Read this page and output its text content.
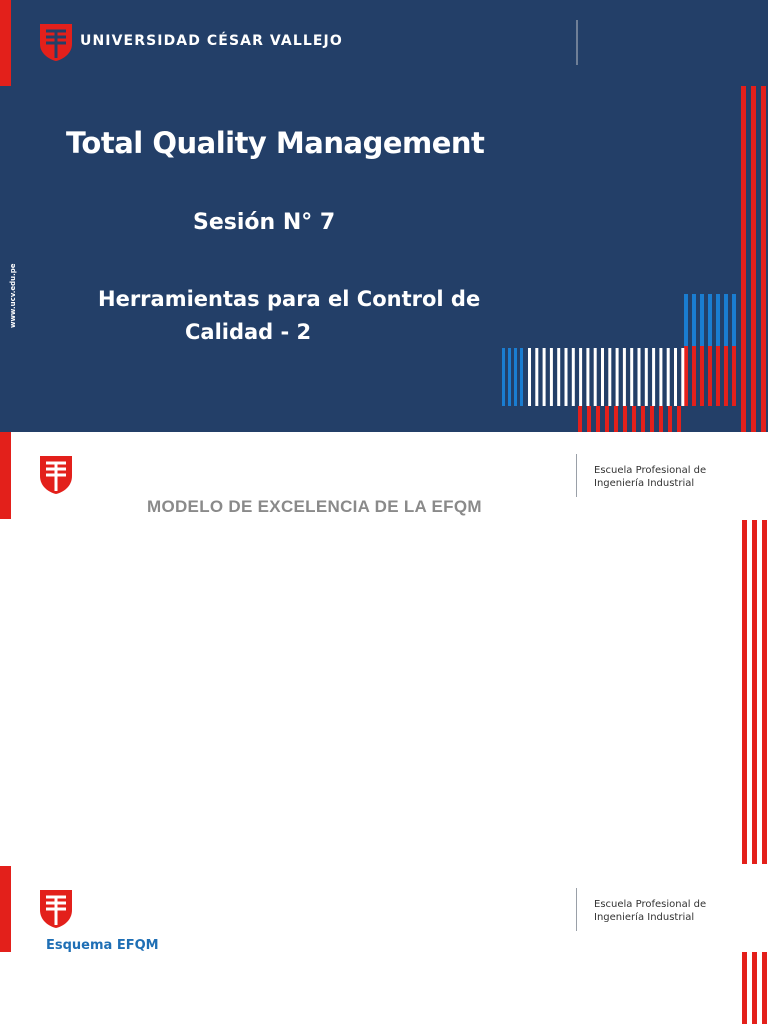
UNIVERSIDAD CÉSAR VALLEJO
Total Quality Management
Sesión N° 7
Herramientas para el Control de
Calidad - 2
www.ucv.edu.pe
Escuela Profesional de
Ingeniería Industrial
MODELO DE EXCELENCIA DE LA EFQM
Escuela Profesional de
Ingeniería Industrial
Esquema EFQM
